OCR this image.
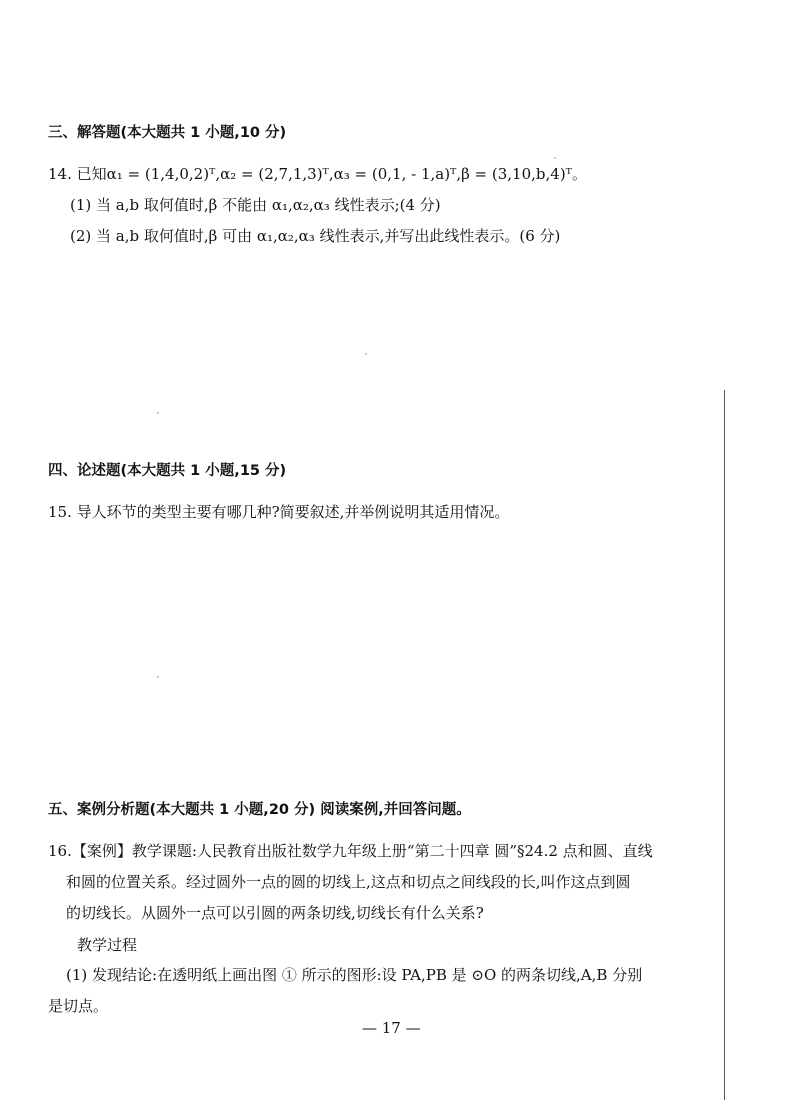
三、解答题(本大题共 1 小题,10 分)
14. 已知α₁ = (1,4,0,2)ᵀ,α₂ = (2,7,1,3)ᵀ,α₃ = (0,1, - 1,a)ᵀ,β = (3,10,b,4)ᵀ。
(1) 当 a,b 取何值时,β 不能由 α₁,α₂,α₃ 线性表示;(4 分)
(2) 当 a,b 取何值时,β 可由 α₁,α₂,α₃ 线性表示,并写出此线性表示。(6 分)
四、论述题(本大题共 1 小题,15 分)
15. 导人环节的类型主要有哪几种?简要叙述,并举例说明其适用情况。
五、案例分析题(本大题共 1 小题,20 分) 阅读案例,并回答问题。
16.【案例】教学课题:人民教育出版社数学九年级上册“第二十四章 圆”§24.2 点和圆、直线
和圆的位置关系。经过圆外一点的圆的切线上,这点和切点之间线段的长,叫作这点到圆
的切线长。从圆外一点可以引圆的两条切线,切线长有什么关系?
教学过程
(1) 发现结论:在透明纸上画出图 ① 所示的图形:设 PA,PB 是 ⊙O 的两条切线,A,B 分别
是切点。
— 17 —
